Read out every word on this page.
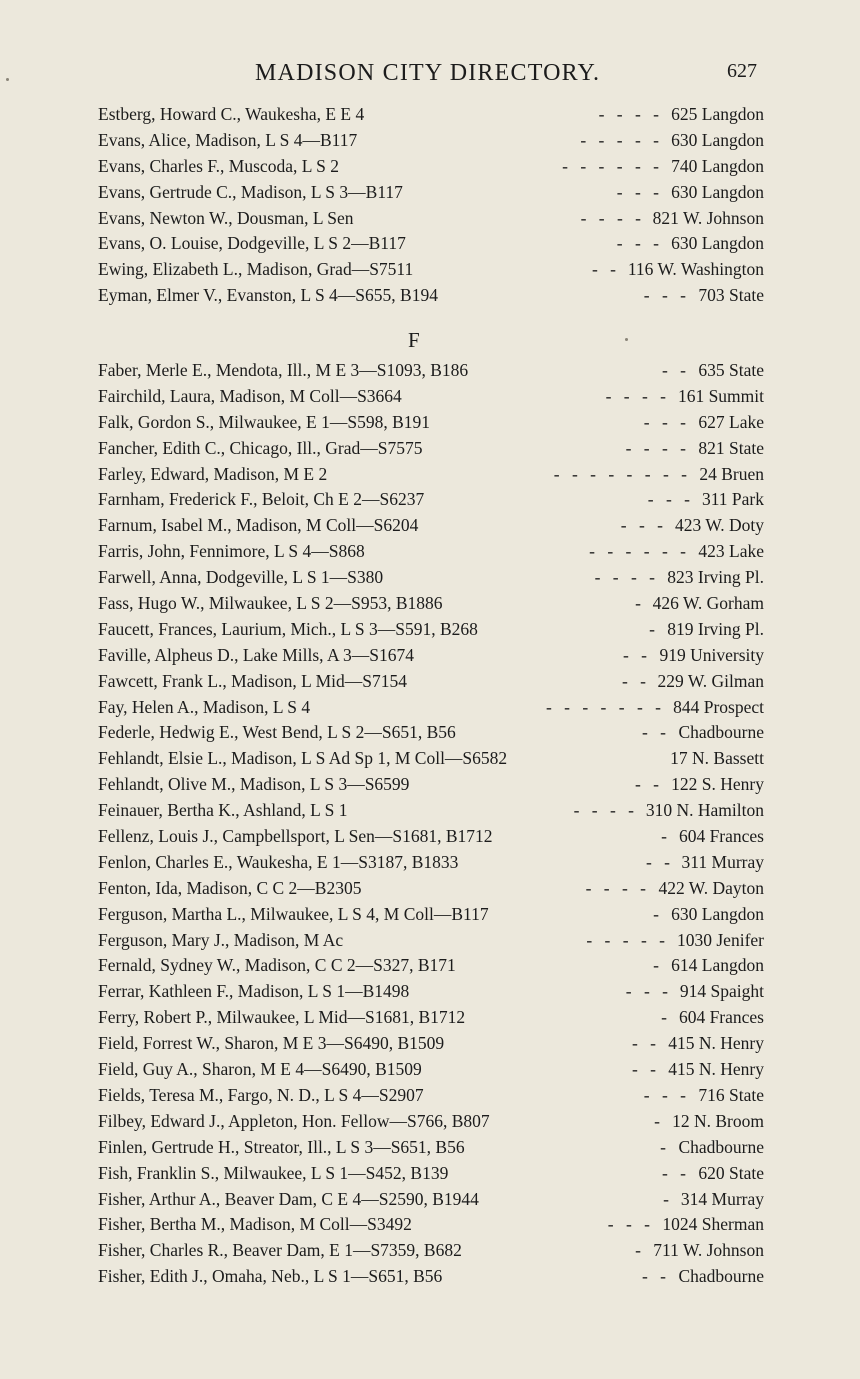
MADISON CITY DIRECTORY.	627
Estberg, Howard C., Waukesha, E E 4	- - - - 625 Langdon
Evans, Alice, Madison, L S 4—B117	- - - - - 630 Langdon
Evans, Charles F., Muscoda, L S 2	- - - - - - 740 Langdon
Evans, Gertrude C., Madison, L S 3—B117	- - - 630 Langdon
Evans, Newton W., Dousman, L Sen	- - - - 821 W. Johnson
Evans, O. Louise, Dodgeville, L S 2—B117	- - - 630 Langdon
Ewing, Elizabeth L., Madison, Grad—S7511	- - 116 W. Washington
Eyman, Elmer V., Evanston, L S 4—S655, B194	- - - 703 State
F
Faber, Merle E., Mendota, Ill., M E 3—S1093, B186	- - 635 State
Fairchild, Laura, Madison, M Coll—S3664	- - - - 161 Summit
Falk, Gordon S., Milwaukee, E 1—S598, B191	- - - 627 Lake
Fancher, Edith C., Chicago, Ill., Grad—S7575	- - - - 821 State
Farley, Edward, Madison, M E 2	- - - - - - - - 24 Bruen
Farnham, Frederick F., Beloit, Ch E 2—S6237	- - - 311 Park
Farnum, Isabel M., Madison, M Coll—S6204	- - - 423 W. Doty
Farris, John, Fennimore, L S 4—S868	- - - - - - 423 Lake
Farwell, Anna, Dodgeville, L S 1—S380	- - - - 823 Irving Pl.
Fass, Hugo W., Milwaukee, L S 2—S953, B1886	- 426 W. Gorham
Faucett, Frances, Laurium, Mich., L S 3—S591, B268	- 819 Irving Pl.
Faville, Alpheus D., Lake Mills, A 3—S1674	- - 919 University
Fawcett, Frank L., Madison, L Mid—S7154	- - 229 W. Gilman
Fay, Helen A., Madison, L S 4	- - - - - - - 844 Prospect
Federle, Hedwig E., West Bend, L S 2—S651, B56	- - Chadbourne
Fehlandt, Elsie L., Madison, L S Ad Sp 1, M Coll—S6582	17 N. Bassett
Fehlandt, Olive M., Madison, L S 3—S6599	- - 122 S. Henry
Feinauer, Bertha K., Ashland, L S 1	- - - - 310 N. Hamilton
Fellenz, Louis J., Campbellsport, L Sen—S1681, B1712	- 604 Frances
Fenlon, Charles E., Waukesha, E 1—S3187, B1833	- - 311 Murray
Fenton, Ida, Madison, C C 2—B2305	- - - - 422 W. Dayton
Ferguson, Martha L., Milwaukee, L S 4, M Coll—B117	- 630 Langdon
Ferguson, Mary J., Madison, M Ac	- - - - - 1030 Jenifer
Fernald, Sydney W., Madison, C C 2—S327, B171	- 614 Langdon
Ferrar, Kathleen F., Madison, L S 1—B1498	- - - 914 Spaight
Ferry, Robert P., Milwaukee, L Mid—S1681, B1712	- 604 Frances
Field, Forrest W., Sharon, M E 3—S6490, B1509	- - 415 N. Henry
Field, Guy A., Sharon, M E 4—S6490, B1509	- - 415 N. Henry
Fields, Teresa M., Fargo, N. D., L S 4—S2907	- - - 716 State
Filbey, Edward J., Appleton, Hon. Fellow—S766, B807	- 12 N. Broom
Finlen, Gertrude H., Streator, Ill., L S 3—S651, B56	- Chadbourne
Fish, Franklin S., Milwaukee, L S 1—S452, B139	- - 620 State
Fisher, Arthur A., Beaver Dam, C E 4—S2590, B1944	- 314 Murray
Fisher, Bertha M., Madison, M Coll—S3492	- - - 1024 Sherman
Fisher, Charles R., Beaver Dam, E 1—S7359, B682	- 711 W. Johnson
Fisher, Edith J., Omaha, Neb., L S 1—S651, B56	- - Chadbourne
